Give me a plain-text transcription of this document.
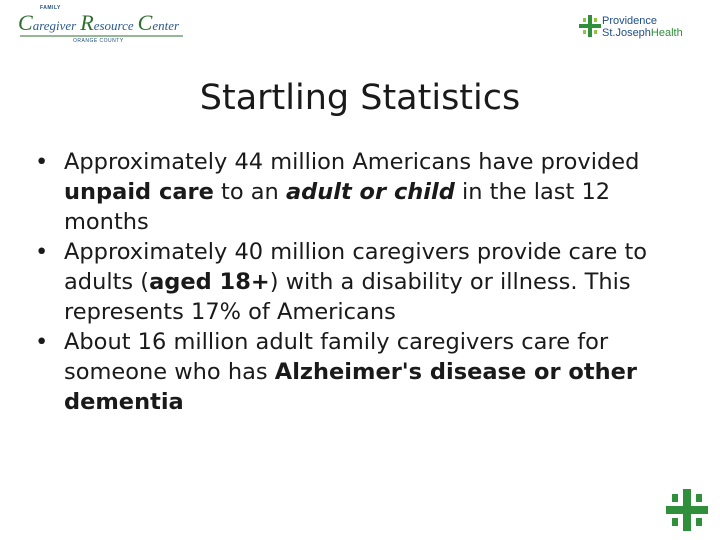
FAMILY
Caregiver Resource Center
ORANGE COUNTY
Providence
St.JosephHealth
Startling Statistics
• Approximately 44 million Americans have provided unpaid care to an adult or child in the last 12 months
• Approximately 40 million caregivers provide care to adults (aged 18+) with a disability or illness. This represents 17% of Americans
• About 16 million adult family caregivers care for someone who has Alzheimer's disease or other dementia
